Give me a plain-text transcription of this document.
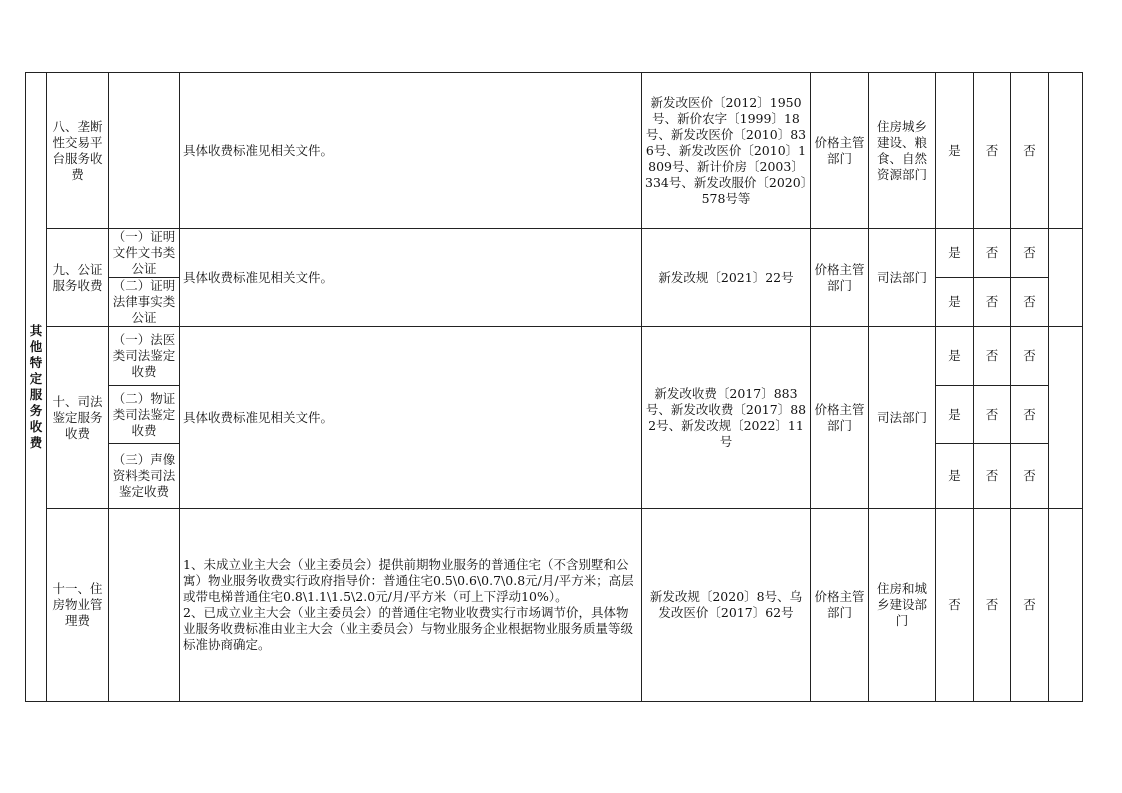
其他特定服务收费	八、垄断性交易平台服务收费		具体收费标准见相关文件。	新发改医价〔2012〕1950号、新价农字〔1999〕18号、新发改医价〔2010〕836号、新发改医价〔2010〕1809号、新计价房〔2003〕334号、新发改服价〔2020〕578号等	价格主管部门	住房城乡建设、粮食、自然资源部门	是	否	否	
	九、公证服务收费	（一）证明文件文书类公证	具体收费标准见相关文件。	新发改规〔2021〕22号	价格主管部门	司法部门	是	否	否	
		（二）证明法律事实类公证					是	否	否	
	十、司法鉴定服务收费	（一）法医类司法鉴定收费	具体收费标准见相关文件。	新发改收费〔2017〕883号、新发改收费〔2017〕882号、新发改规〔2022〕11号	价格主管部门	司法部门	是	否	否	
		（二）物证类司法鉴定收费					是	否	否	
		（三）声像资料类司法鉴定收费					是	否	否	
	十一、住房物业管理费		1、未成立业主大会（业主委员会）提供前期物业服务的普通住宅（不含别墅和公寓）物业服务收费实行政府指导价：普通住宅0.5\0.6\0.7\0.8元/月/平方米；高层或带电梯普通住宅0.8\1.1\1.5\2.0元/月/平方米（可上下浮动10%）。
2、已成立业主大会（业主委员会）的普通住宅物业收费实行市场调节价，具体物业服务收费标准由业主大会（业主委员会）与物业服务企业根据物业服务质量等级标准协商确定。	新发改规〔2020〕8号、乌发改医价〔2017〕62号	价格主管部门	住房和城乡建设部门	否	否	否	
